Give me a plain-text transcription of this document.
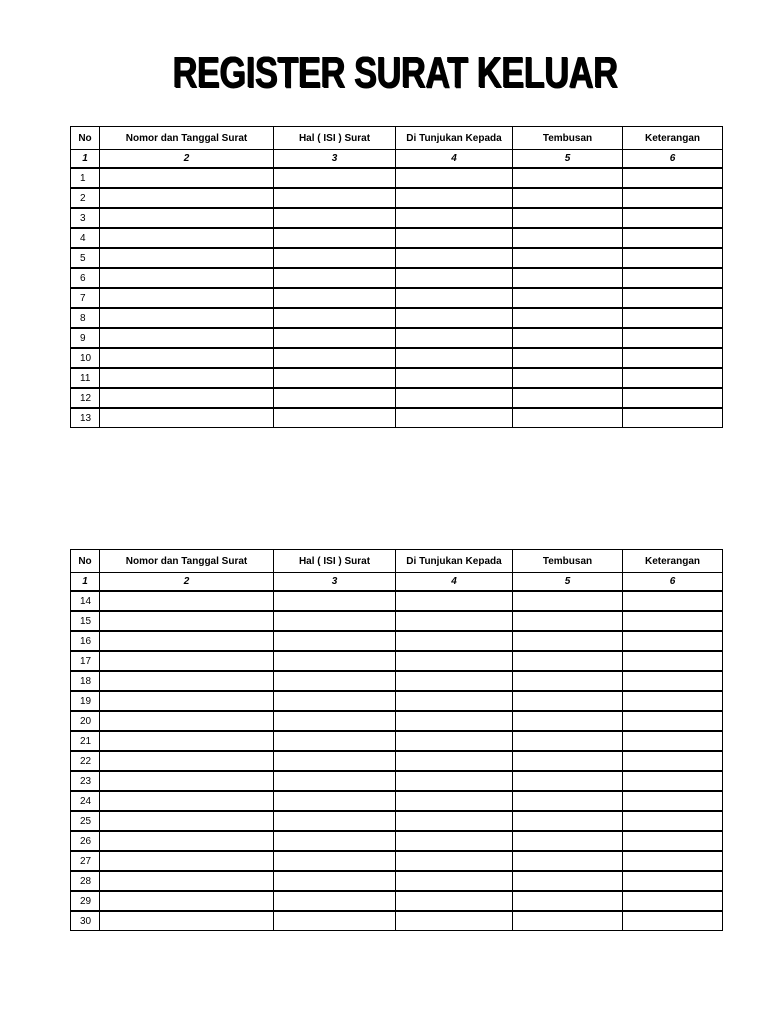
REGISTER SURAT KELUAR
No	Nomor dan Tanggal Surat	Hal ( ISI ) Surat	Di Tunjukan Kepada	Tembusan	Keterangan
1	2	3	4	5	6
1					
2					
3					
4					
5					
6					
7					
8					
9					
10					
11					
12					
13					
No	Nomor dan Tanggal Surat	Hal ( ISI ) Surat	Di Tunjukan Kepada	Tembusan	Keterangan
1	2	3	4	5	6
14					
15					
16					
17					
18					
19					
20					
21					
22					
23					
24					
25					
26					
27					
28					
29					
30					
